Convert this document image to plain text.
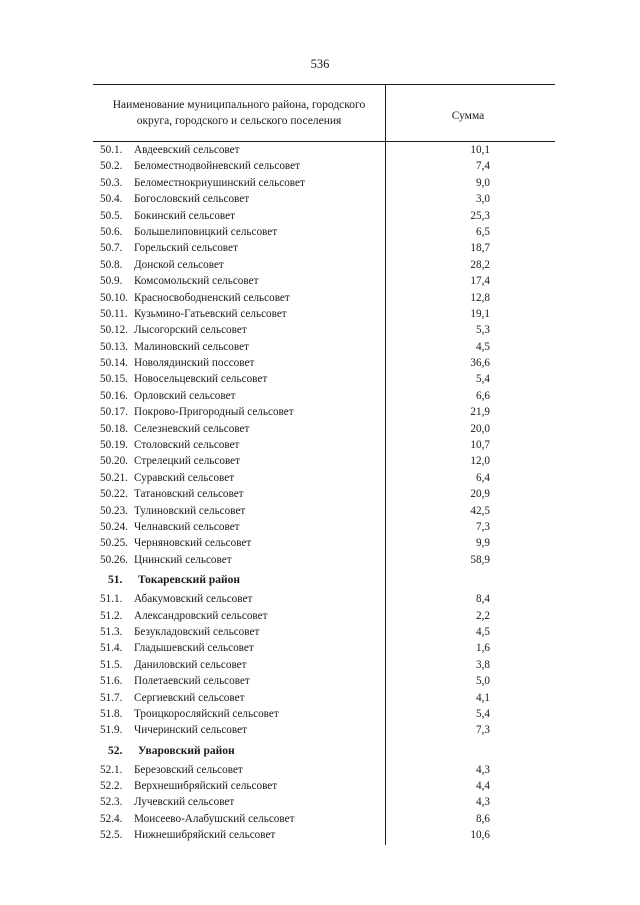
536
Наименование муниципального района, городского округа, городского и сельского поселения	Сумма
50.1.	Авдеевский сельсовет	10,1
50.2.	Беломестнодвойневский сельсовет	7,4
50.3.	Беломестнокриушинский сельсовет	9,0
50.4.	Богословский сельсовет	3,0
50.5.	Бокинский сельсовет	25,3
50.6.	Большелиповицкий сельсовет	6,5
50.7.	Горельский сельсовет	18,7
50.8.	Донской сельсовет	28,2
50.9.	Комсомольский сельсовет	17,4
50.10. Красносвободненский сельсовет	12,8
50.11. Кузьмино-Гатьевский сельсовет	19,1
50.12. Лысогорский сельсовет	5,3
50.13. Малиновский сельсовет	4,5
50.14. Новолядинский поссовет	36,6
50.15. Новосельцевский сельсовет	5,4
50.16. Орловский сельсовет	6,6
50.17. Покрово-Пригородный сельсовет	21,9
50.18. Селезневский сельсовет	20,0
50.19. Столовский сельсовет	10,7
50.20. Стрелецкий сельсовет	12,0
50.21. Суравский сельсовет	6,4
50.22. Татановский сельсовет	20,9
50.23. Тулиновский сельсовет	42,5
50.24. Челнавский сельсовет	7,3
50.25. Черняновский сельсовет	9,9
50.26. Цнинский сельсовет	58,9
51.	Токаревский район
51.1.	Абакумовский сельсовет	8,4
51.2.	Александровский сельсовет	2,2
51.3.	Безукладовский сельсовет	4,5
51.4.	Гладышевский сельсовет	1,6
51.5.	Даниловский сельсовет	3,8
51.6.	Полетаевский сельсовет	5,0
51.7.	Сергиевский сельсовет	4,1
51.8.	Троицкоросляйский сельсовет	5,4
51.9.	Чичеринский сельсовет	7,3
52.	Уваровский район
52.1.	Березовский сельсовет	4,3
52.2.	Верхнешибряйский сельсовет	4,4
52.3.	Лучевский сельсовет	4,3
52.4.	Моисеево-Алабушский сельсовет	8,6
52.5.	Нижнешибряйский сельсовет	10,6
